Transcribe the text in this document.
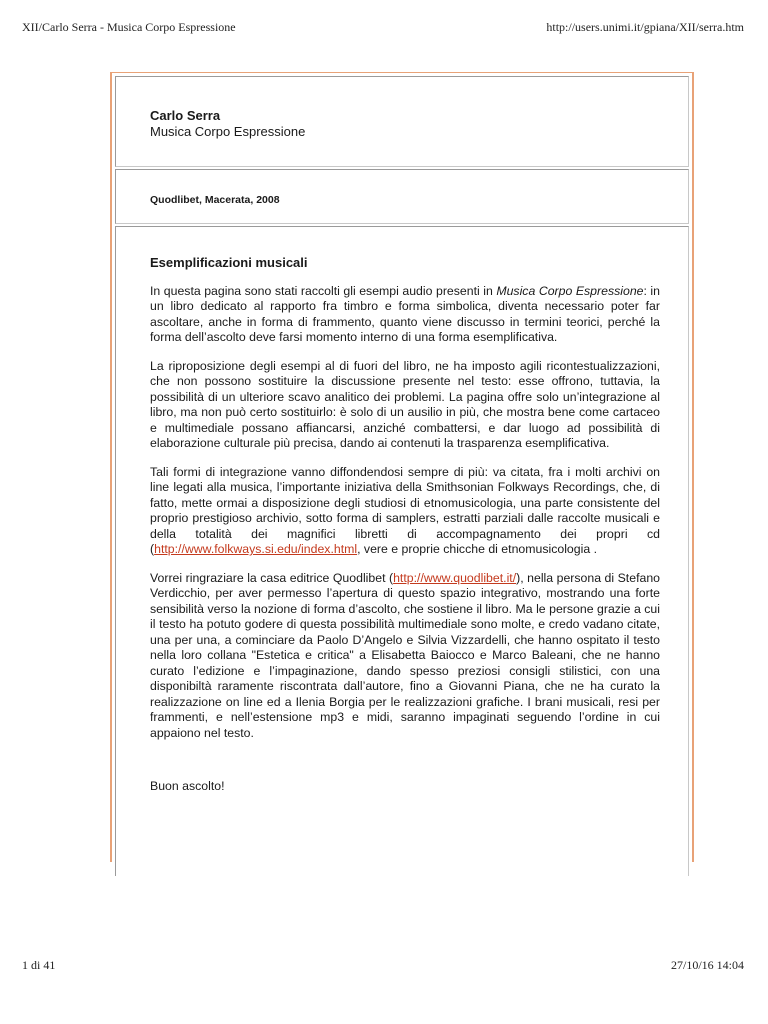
XII/Carlo Serra - Musica Corpo Espressione	http://users.unimi.it/gpiana/XII/serra.htm
Carlo Serra
Musica Corpo Espressione
Quodlibet, Macerata, 2008
Esemplificazioni musicali

In questa pagina sono stati raccolti gli esempi audio presenti in Musica Corpo Espressione: in un libro dedicato al rapporto fra timbro e forma simbolica, diventa necessario poter far ascoltare, anche in forma di frammento, quanto viene discusso in termini teorici, perché la forma dell’ascolto deve farsi momento interno di una forma esemplificativa.

La riproposizione degli esempi al di fuori del libro, ne ha imposto agili ricontestualizzazioni, che non possono sostituire la discussione presente nel testo: esse offrono, tuttavia, la possibilità di un ulteriore scavo analitico dei problemi. La pagina offre solo un’integrazione al libro, ma non può certo sostituirlo: è solo di un ausilio in più, che mostra bene come cartaceo e multimediale possano affiancarsi, anziché combattersi, e dar luogo ad possibilità di elaborazione culturale più precisa, dando ai contenuti la trasparenza esemplificativa.

Tali formi di integrazione vanno diffondendosi sempre di più: va citata, fra i molti archivi on line legati alla musica, l’importante iniziativa della Smithsonian Folkways Recordings, che, di fatto, mette ormai a disposizione degli studiosi di etnomusicologia, una parte consistente del proprio prestigioso archivio, sotto forma di samplers, estratti parziali dalle raccolte musicali e della totalità dei magnifici libretti di accompagnamento dei propri cd (http://www.folkways.si.edu/index.html, vere e proprie chicche di etnomusicologia .

Vorrei ringraziare la casa editrice Quodlibet (http://www.quodlibet.it/), nella persona di Stefano Verdicchio, per aver permesso l’apertura di questo spazio integrativo, mostrando una forte sensibilità verso la nozione di forma d’ascolto, che sostiene il libro. Ma le persone grazie a cui il testo ha potuto godere di questa possibilità multimediale sono molte, e credo vadano citate, una per una, a cominciare da Paolo D’Angelo e Silvia Vizzardelli, che hanno ospitato il testo nella loro collana "Estetica e critica" a Elisabetta Baiocco e Marco Baleani, che ne hanno curato l’edizione e l’impaginazione, dando spesso preziosi consigli stilistici, con una disponibiltà raramente riscontrata dall’autore, fino a Giovanni Piana, che ne ha curato la realizzazione on line ed a Ilenia Borgia per le realizzazioni grafiche. I brani musicali, resi per frammenti, e nell’estensione mp3 e midi, saranno impaginati seguendo l’ordine in cui appaiono nel testo.

Buon ascolto!

1 di 41	27/10/16 14:04
